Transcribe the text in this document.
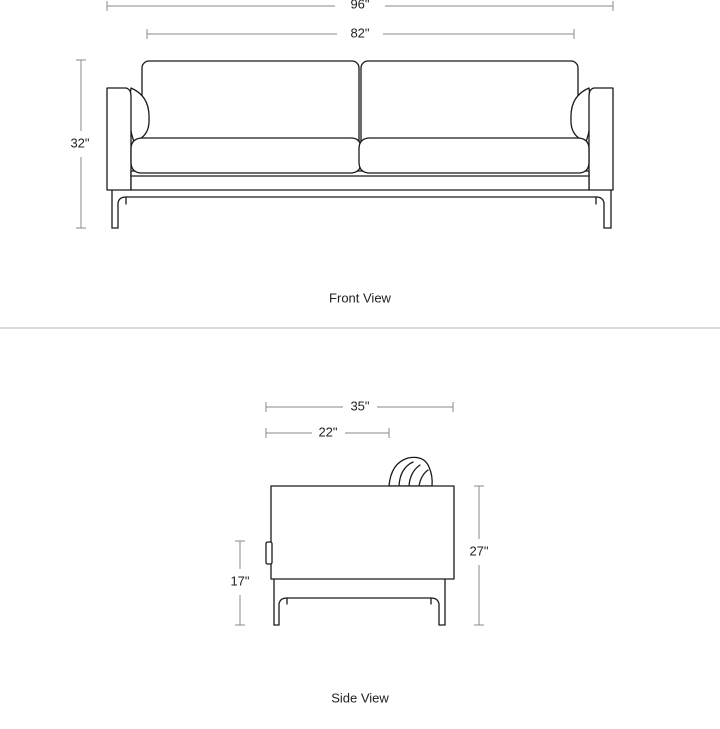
96"
82"
32"
Front View
35"
22"
27"
17"
Side View
